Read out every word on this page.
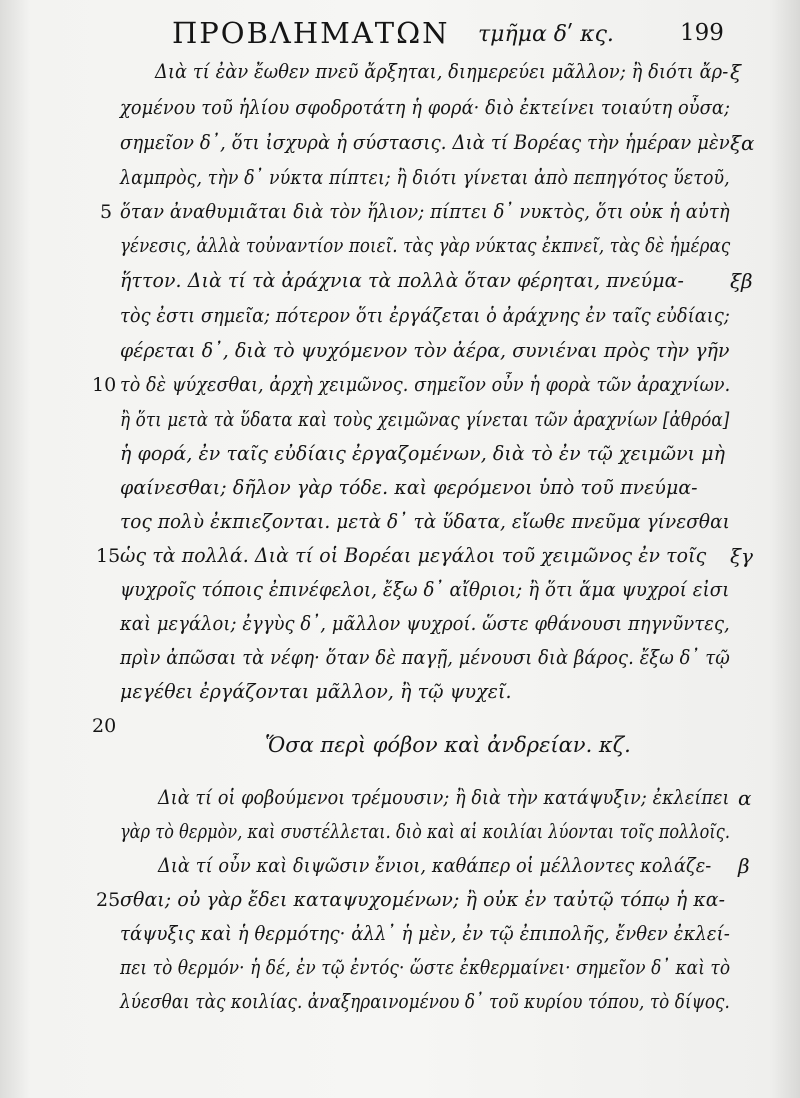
ΠΡΟΒΛΗΜΑΤΩΝ τμῆμα δʹ κς.	199
Διὰ τί ἐὰν ἔωθεν πνεῦ ἄρξηται, διημερεύει μᾶλλον; ἢ διότι ἄρ-
χομένου τοῦ ἡλίου σφοδροτάτη ἡ φορά· διὸ ἐκτείνει τοιαύτη οὖσα;
σημεῖον δ᾽, ὅτι ἰσχυρὰ ἡ σύστασις. Διὰ τί Βορέας τὴν ἡμέραν μὲν
λαμπρὸς, τὴν δ᾽ νύκτα πίπτει; ἢ διότι γίνεται ἀπὸ πεπηγότος ὕετοῦ,
ὅταν ἀναθυμιᾶται διὰ τὸν ἥλιον; πίπτει δ᾽ νυκτὸς, ὅτι οὐκ ἡ αὐτὴ
γένεσις, ἀλλὰ τοὐναντίον ποιεῖ. τὰς γὰρ νύκτας ἐκπνεῖ, τὰς δὲ ἡμέρας
ἥττον. Διὰ τί τὰ ἀράχνια τὰ πολλὰ ὅταν φέρηται, πνεύμα-
τὸς ἐστι σημεῖα; πότερον ὅτι ἐργάζεται ὁ ἀράχνης ἐν ταῖς εὐδίαις;
φέρεται δ᾽, διὰ τὸ ψυχόμενον τὸν ἀέρα, συνιέναι πρὸς τὴν γῆν
τὸ δὲ ψύχεσθαι, ἀρχὴ χειμῶνος. σημεῖον οὖν ἡ φορὰ τῶν ἀραχνίων.
ἢ ὅτι μετὰ τὰ ὕδατα καὶ τοὺς χειμῶνας γίνεται τῶν ἀραχνίων [ἀθρόα]
ἡ φορά, ἐν ταῖς εὐδίαις ἐργαζομένων, διὰ τὸ ἐν τῷ χειμῶνι μὴ
φαίνεσθαι; δῆλον γὰρ τόδε. καὶ φερόμενοι ὑπὸ τοῦ πνεύμα-
τος πολὺ ἐκπιεζονται. μετὰ δ᾽ τὰ ὕδατα, εἴωθε πνεῦμα γίνεσθαι
ὡς τὰ πολλά. Διὰ τί οἱ Βορέαι μεγάλοι τοῦ χειμῶνος ἐν τοῖς
ψυχροῖς τόποις ἐπινέφελοι, ἔξω δ᾽ αἴθριοι; ἢ ὅτι ἅμα ψυχροί εἰσι
καὶ μεγάλοι; ἐγγὺς δ᾽, μᾶλλον ψυχροί. ὥστε φθάνουσι πηγνῦντες,
πρὶν ἀπῶσαι τὰ νέφη· ὅταν δὲ παγῇ, μένουσι διὰ βάρος. ἔξω δ᾽ τῷ
μεγέθει ἐργάζονται μᾶλλον, ἢ τῷ ψυχεῖ.
Ὅσα περὶ φόβον καὶ ἀνδρείαν. κζ.
Διὰ τί οἱ φοβούμενοι τρέμουσιν; ἢ διὰ τὴν κατάψυξιν; ἐκλείπει
γὰρ τὸ θερμὸν, καὶ συστέλλεται. διὸ καὶ αἱ κοιλίαι λύονται τοῖς πολλοῖς.
Διὰ τί οὖν καὶ διψῶσιν ἔνιοι, καθάπερ οἱ μέλλοντες κολάζε-
σθαι; οὐ γὰρ ἔδει καταψυχομένων; ἢ οὐκ ἐν ταὐτῷ τόπῳ ἡ κα-
τάψυξις καὶ ἡ θερμότης· ἀλλ᾽ ἡ μὲν, ἐν τῷ ἐπιπολῆς, ἔνθεν ἐκλεί-
πει τὸ θερμόν· ἡ δέ, ἐν τῷ ἐντός· ὥστε ἐκθερμαίνει· σημεῖον δ᾽ καὶ τὸ
λύεσθαι τὰς κοιλίας. ἀναξηραινομένου δ᾽ τοῦ κυρίου τόπου, τὸ δίψος.
5
10
15
20
25
ξ
ξα
ξβ
ξγ
α
β
